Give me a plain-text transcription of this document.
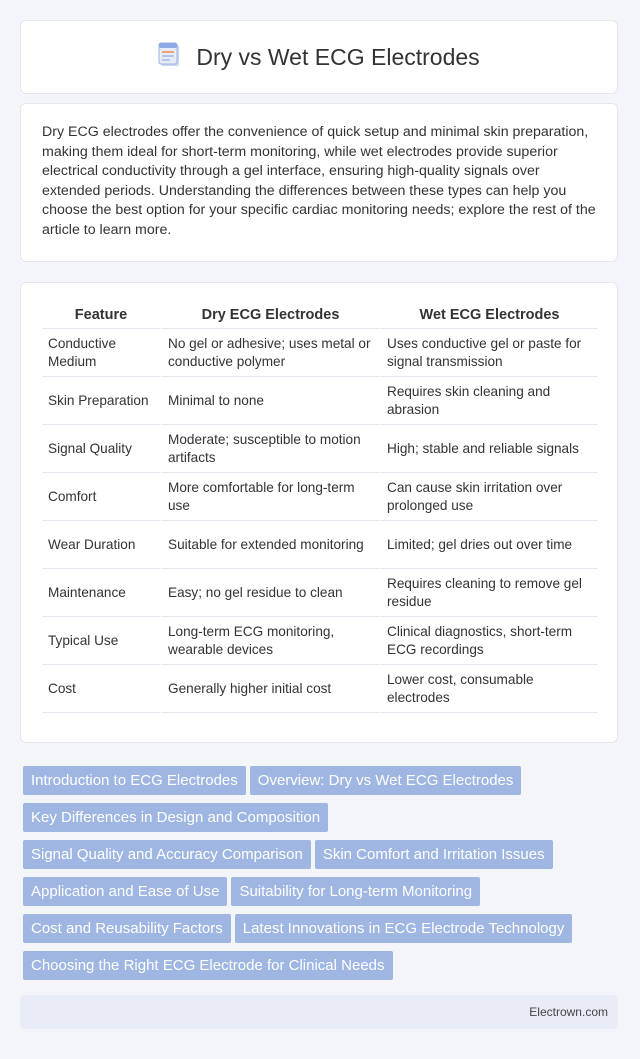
Dry vs Wet ECG Electrodes

Dry ECG electrodes offer the convenience of quick setup and minimal skin preparation, making them ideal for short-term monitoring, while wet electrodes provide superior electrical conductivity through a gel interface, ensuring high-quality signals over extended periods. Understanding the differences between these types can help you choose the best option for your specific cardiac monitoring needs; explore the rest of the article to learn more.

Feature	Dry ECG Electrodes	Wet ECG Electrodes
Conductive Medium	No gel or adhesive; uses metal or conductive polymer	Uses conductive gel or paste for signal transmission
Skin Preparation	Minimal to none	Requires skin cleaning and abrasion
Signal Quality	Moderate; susceptible to motion artifacts	High; stable and reliable signals
Comfort	More comfortable for long-term use	Can cause skin irritation over prolonged use
Wear Duration	Suitable for extended monitoring	Limited; gel dries out over time
Maintenance	Easy; no gel residue to clean	Requires cleaning to remove gel residue
Typical Use	Long-term ECG monitoring, wearable devices	Clinical diagnostics, short-term ECG recordings
Cost	Generally higher initial cost	Lower cost, consumable electrodes
Introduction to ECG Electrodes Overview: Dry vs Wet ECG Electrodes
Key Differences in Design and Composition
Signal Quality and Accuracy Comparison Skin Comfort and Irritation Issues
Application and Ease of Use Suitability for Long-term Monitoring
Cost and Reusability Factors Latest Innovations in ECG Electrode Technology
Choosing the Right ECG Electrode for Clinical Needs
Electrown.com
